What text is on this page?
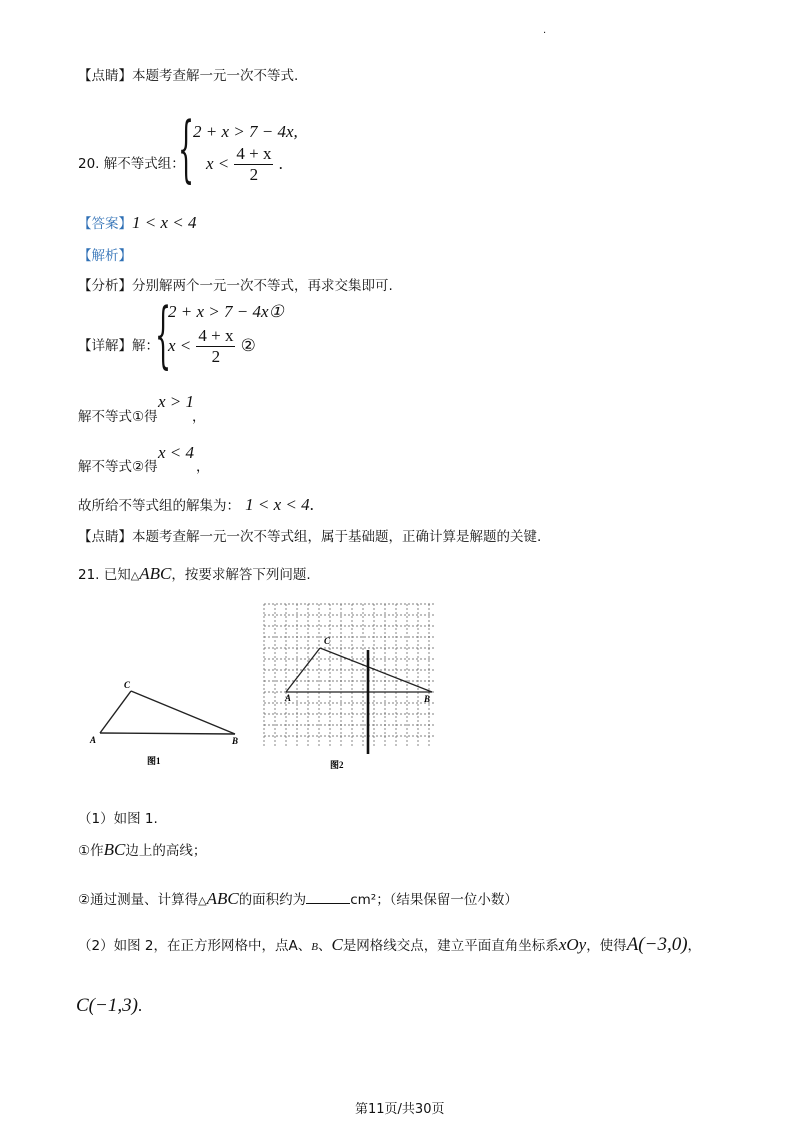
·
【点睛】本题考查解一元一次不等式.
20. 解不等式组：
{
2 + x > 7 − 4x,
$x < \frac{4 + x}{2}$ .
【答案】1 < x < 4
【解析】
【分析】分别解两个一元一次不等式，再求交集即可.
【详解】解：
{
2 + x > 7 − 4x①
$x < \frac{4 + x}{2}$ ②
解不等式①得
x > 1
，
解不等式②得
x < 4
，
故所给不等式组的解集为： 1 < x < 4.
【点睛】本题考查解一元一次不等式组，属于基础题，正确计算是解题的关键.
21. 已知△ABC，按要求解答下列问题.
A	B
C
图1
A	B
C
图2
（1）如图 1.
①作BC边上的高线；
②通过测量、计算得△ABC的面积约为	cm²；（结果保留一位小数）
（2）如图 2，在正方形网格中，点A、B、C是网格线交点，建立平面直角坐标系xOy，使得A(−3,0)，
C(−1,3).
第11页/共30页
